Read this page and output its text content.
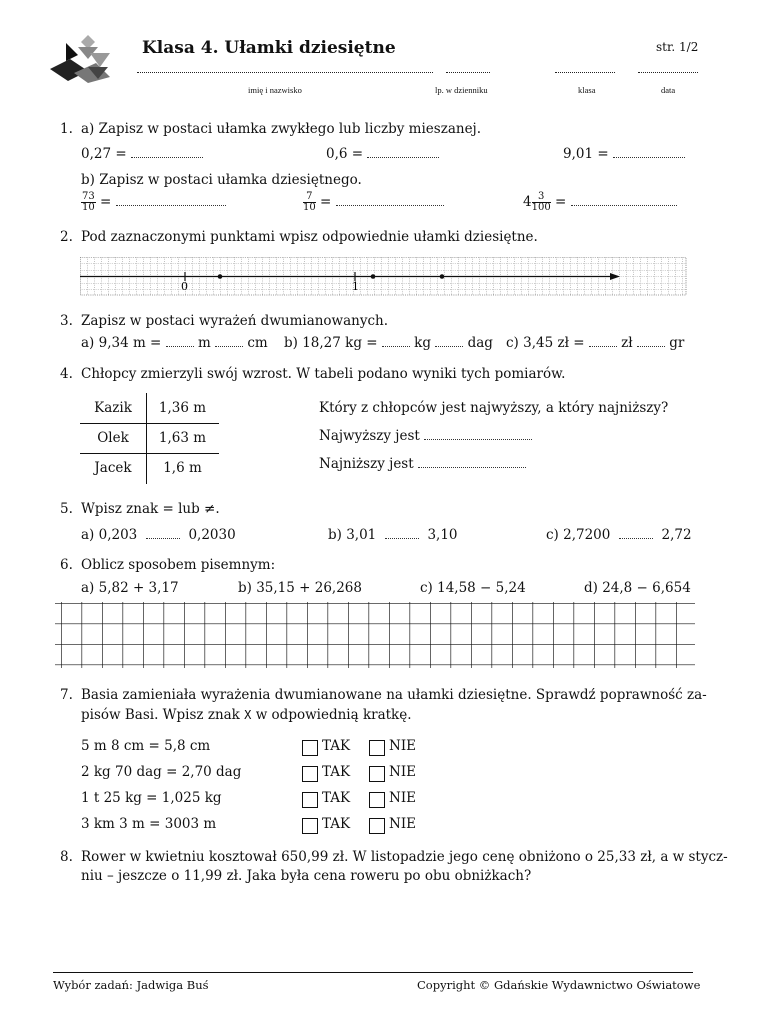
Klasa 4. Ułamki dziesiętne	str. 1/2
imię i nazwisko	lp. w dzienniku	klasa	data
1. a) Zapisz w postaci ułamka zwykłego lub liczby mieszanej.
0,27 =	0,6 =	9,01 =
b) Zapisz w postaci ułamka dziesiętnego.
$\frac{73}{10}$ =	$\frac{7}{10}$ =	$4 \frac{3}{100}$ =
2. Pod zaznaczonymi punktami wpisz odpowiednie ułamki dziesiętne.
0	1
3. Zapisz w postaci wyrażeń dwumianowanych.
a) 9,34 m =	m	cm b) 18,27 kg =	kg	dag c) 3,45 zł =	zł	gr
4. Chłopcy zmierzyli swój wzrost. W tabeli podano wyniki tych pomiarów.
Kazik	1,36 m
Olek	1,63 m
Jacek	1,6 m
Który z chłopców jest najwyższy, a który najniższy?
Najwyższy jest
Najniższy jest
5. Wpisz znak = lub ≠.
a) 0,203	0,2030	b) 3,01	3,10	c) 2,7200	2,72
6. Oblicz sposobem pisemnym:
a) 5,82 + 3,17	b) 35,15 + 26,268	c) 14,58 − 5,24	d) 24,8 − 6,654
7. Basia zamieniała wyrażenia dwumianowane na ułamki dziesiętne. Sprawdź poprawność za-
pisów Basi. Wpisz znak X w odpowiednią kratkę.
5 m 8 cm = 5,8 cm	TAK	NIE
2 kg 70 dag = 2,70 dag	TAK	NIE
1 t 25 kg = 1,025 kg	TAK	NIE
3 km 3 m = 3003 m	TAK	NIE
8. Rower w kwietniu kosztował 650,99 zł. W listopadzie jego cenę obniżono o 25,33 zł, a w stycz-
niu – jeszcze o 11,99 zł. Jaka była cena roweru po obu obniżkach?
Wybór zadań: Jadwiga Buś	Copyright © Gdańskie Wydawnictwo Oświatowe
